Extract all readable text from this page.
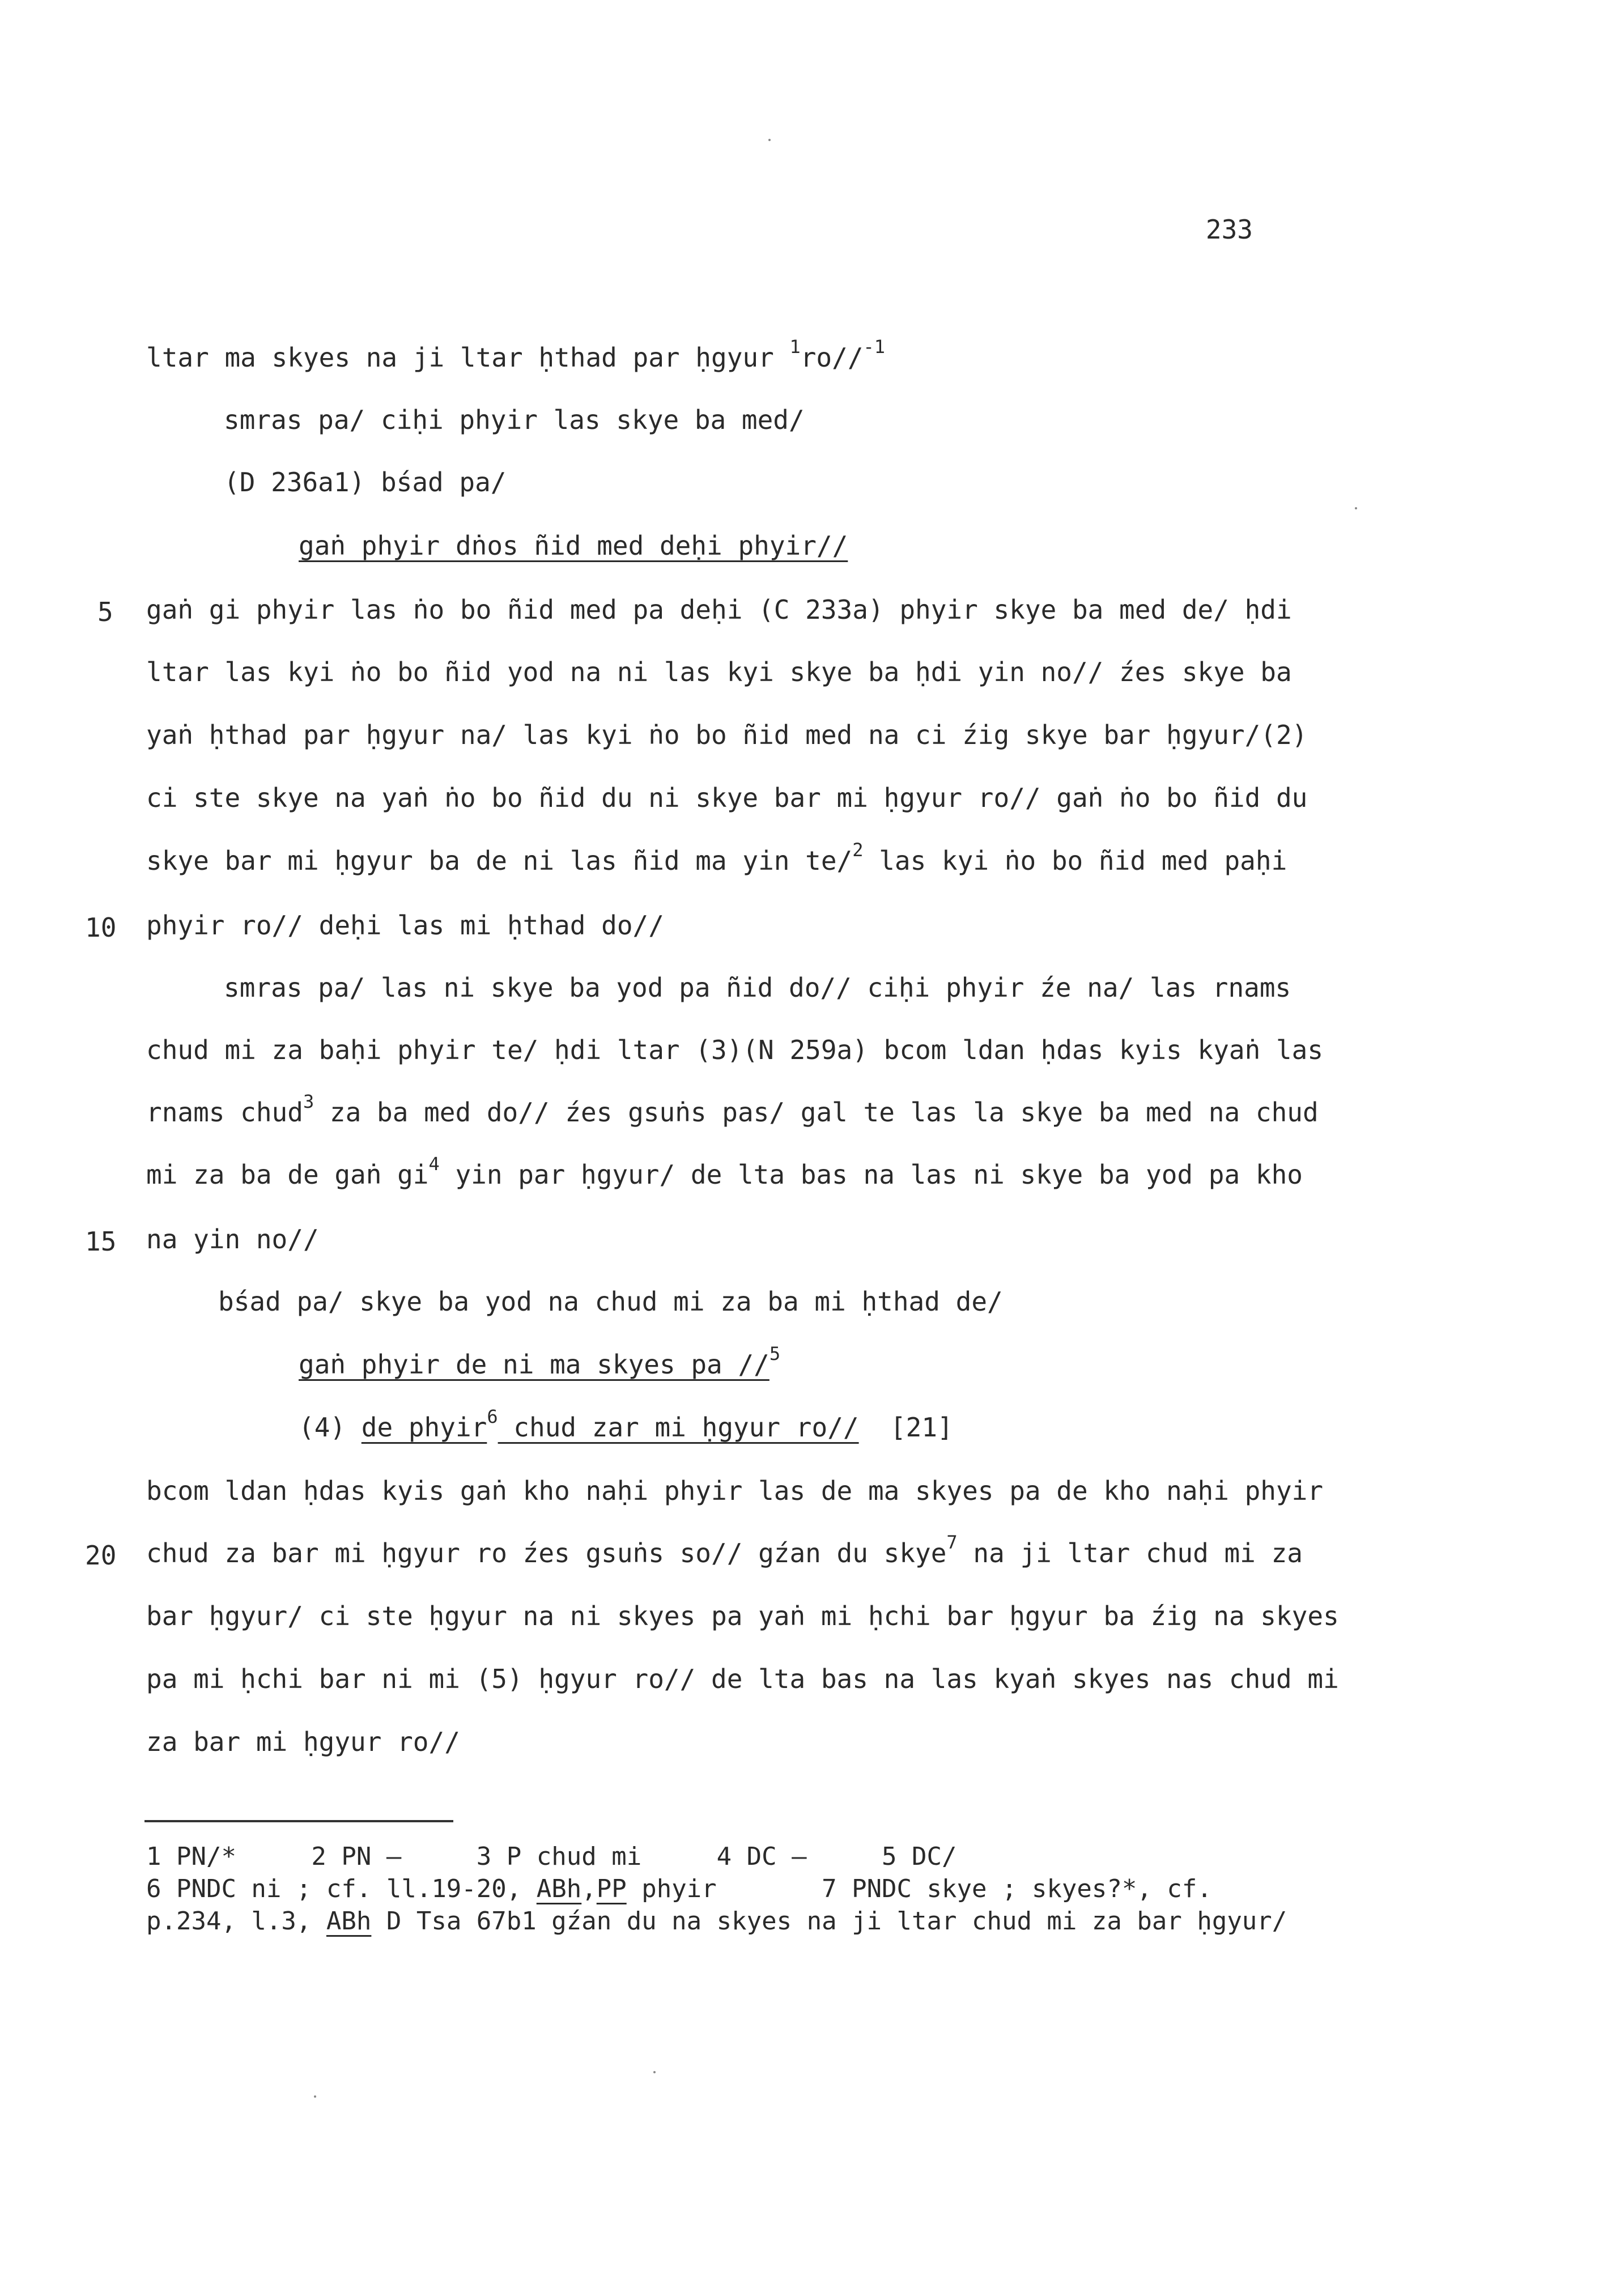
233
5
10
15
20
ltar ma skyes na ji ltar ḥthad par ḥgyur $^1$ro//$^{-1}$
smras pa/ ciḥi phyir las skye ba med/
(D 236a1) bśad pa/
gaṅ phyir dṅos ñid med deḥi phyir//
gaṅ gi phyir las ṅo bo ñid med pa deḥi (C 233a) phyir skye ba med de/ ḥdi
ltar las kyi ṅo bo ñid yod na ni las kyi skye ba ḥdi yin no// źes skye ba
yaṅ ḥthad par ḥgyur na/ las kyi ṅo bo ñid med na ci źig skye bar ḥgyur/(2)
ci ste skye na yaṅ ṅo bo ñid du ni skye bar mi ḥgyur ro// gaṅ ṅo bo ñid du
skye bar mi ḥgyur ba de ni las ñid ma yin te/$^2$ las kyi ṅo bo ñid med paḥi
phyir ro// deḥi las mi ḥthad do//
smras pa/ las ni skye ba yod pa ñid do// ciḥi phyir źe na/ las rnams
chud mi za baḥi phyir te/ ḥdi ltar (3)(N 259a) bcom ldan ḥdas kyis kyaṅ las
rnams chud$^3$ za ba med do// źes gsuṅs pas/ gal te las la skye ba med na chud
mi za ba de gaṅ $gi^4$ yin par ḥgyur/ de lta bas na las ni skye ba yod pa kho
na yin no//
bśad pa/ skye ba yod na chud mi za ba mi ḥthad de/
gaṅ phyir de ni ma skyes pa //$^5$
(4) de phyir$^6$ chud zar mi ḥgyur ro//  [21]
bcom ldan ḥdas kyis gaṅ kho naḥi phyir las de ma skyes pa de kho naḥi phyir
chud za bar mi ḥgyur ro źes gsuṅs so// gźan du skye$^7$ na ji ltar chud mi za
bar ḥgyur/ ci ste ḥgyur na ni skyes pa yaṅ mi ḥchi bar ḥgyur ba źig na skyes
pa mi ḥchi bar ni mi (5) ḥgyur ro// de lta bas na las kyaṅ skyes nas chud mi
za bar mi ḥgyur ro//
1 PN/*     2 PN —     3 P chud mi     4 DC —     5 DC/
6 PNDC ni ; cf. ll.19-20, ABh,PP phyir       7 PNDC skye ; skyes?*, cf.
p.234, l.3, ABh D Tsa 67b1 gźan du na skyes na ji ltar chud mi za bar ḥgyur/
